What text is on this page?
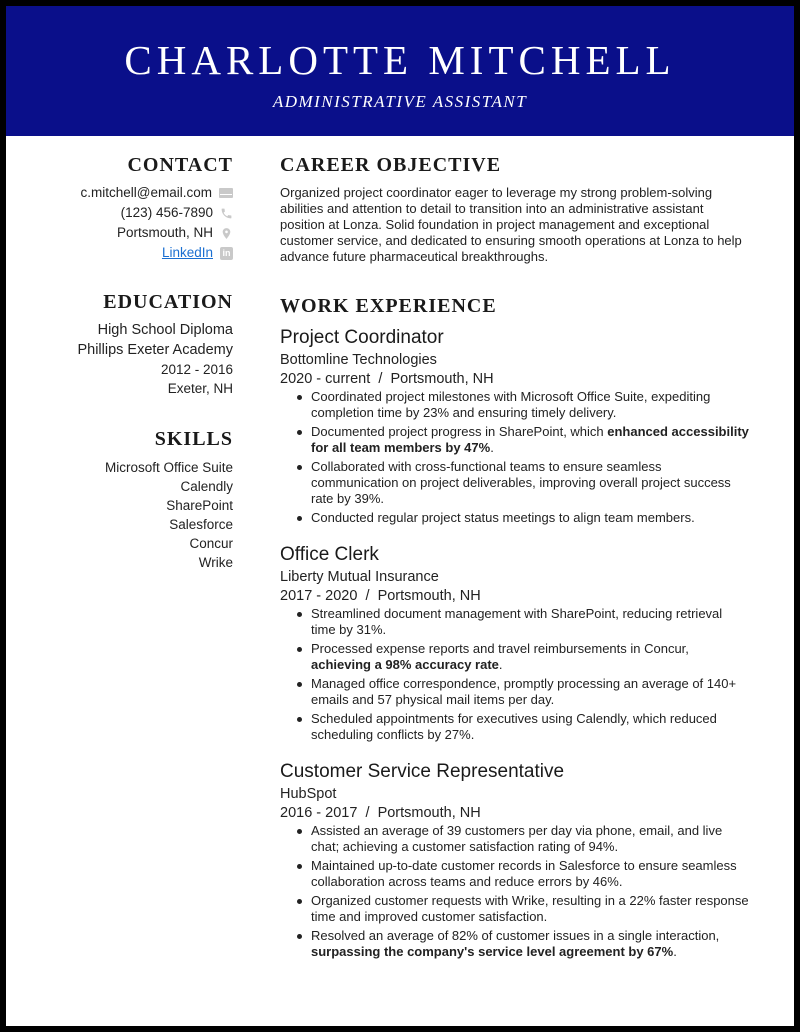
CHARLOTTE MITCHELL
ADMINISTRATIVE ASSISTANT
CONTACT
c.mitchell@email.com
(123) 456-7890
Portsmouth, NH
LinkedIn in
EDUCATION
High School Diploma
Phillips Exeter Academy
2012 - 2016
Exeter, NH
SKILLS
Microsoft Office Suite
Calendly
SharePoint
Salesforce
Concur
Wrike
CAREER OBJECTIVE
Organized project coordinator eager to leverage my strong problem-solving abilities and attention to detail to transition into an administrative assistant position at Lonza. Solid foundation in project management and exceptional customer service, and dedicated to ensuring smooth operations at Lonza to help advance future pharmaceutical breakthroughs.
WORK EXPERIENCE
Project Coordinator
Bottomline Technologies
2020 - current  /  Portsmouth, NH
Coordinated project milestones with Microsoft Office Suite, expediting completion time by 23% and ensuring timely delivery.
Documented project progress in SharePoint, which enhanced accessibility for all team members by 47%.
Collaborated with cross-functional teams to ensure seamless communication on project deliverables, improving overall project success rate by 39%.
Conducted regular project status meetings to align team members.
Office Clerk
Liberty Mutual Insurance
2017 - 2020  /  Portsmouth, NH
Streamlined document management with SharePoint, reducing retrieval time by 31%.
Processed expense reports and travel reimbursements in Concur, achieving a 98% accuracy rate.
Managed office correspondence, promptly processing an average of 140+ emails and 57 physical mail items per day.
Scheduled appointments for executives using Calendly, which reduced scheduling conflicts by 27%.
Customer Service Representative
HubSpot
2016 - 2017  /  Portsmouth, NH
Assisted an average of 39 customers per day via phone, email, and live chat; achieving a customer satisfaction rating of 94%.
Maintained up-to-date customer records in Salesforce to ensure seamless collaboration across teams and reduce errors by 46%.
Organized customer requests with Wrike, resulting in a 22% faster response time and improved customer satisfaction.
Resolved an average of 82% of customer issues in a single interaction, surpassing the company's service level agreement by 67%.
